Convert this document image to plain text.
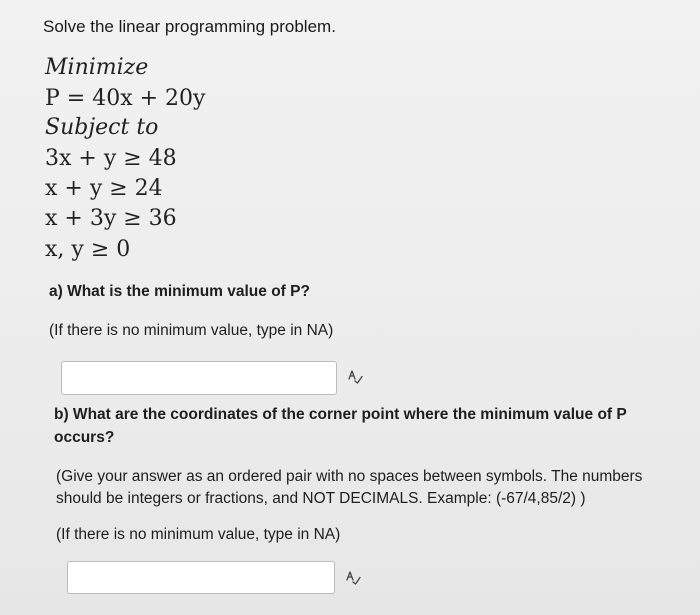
Solve the linear programming problem.
Minimize
P = 40x + 20y
Subject to
3x + y ≥ 48
x + y ≥ 24
x + 3y ≥ 36
x, y ≥ 0
a) What is the minimum value of P?
(If there is no minimum value, type in NA)
b) What are the coordinates of the corner point where the minimum value of P occurs?
(Give your answer as an ordered pair with no spaces between symbols. The numbers should be integers or fractions, and NOT DECIMALS. Example: (-67/4,85/2) )
(If there is no minimum value, type in NA)
